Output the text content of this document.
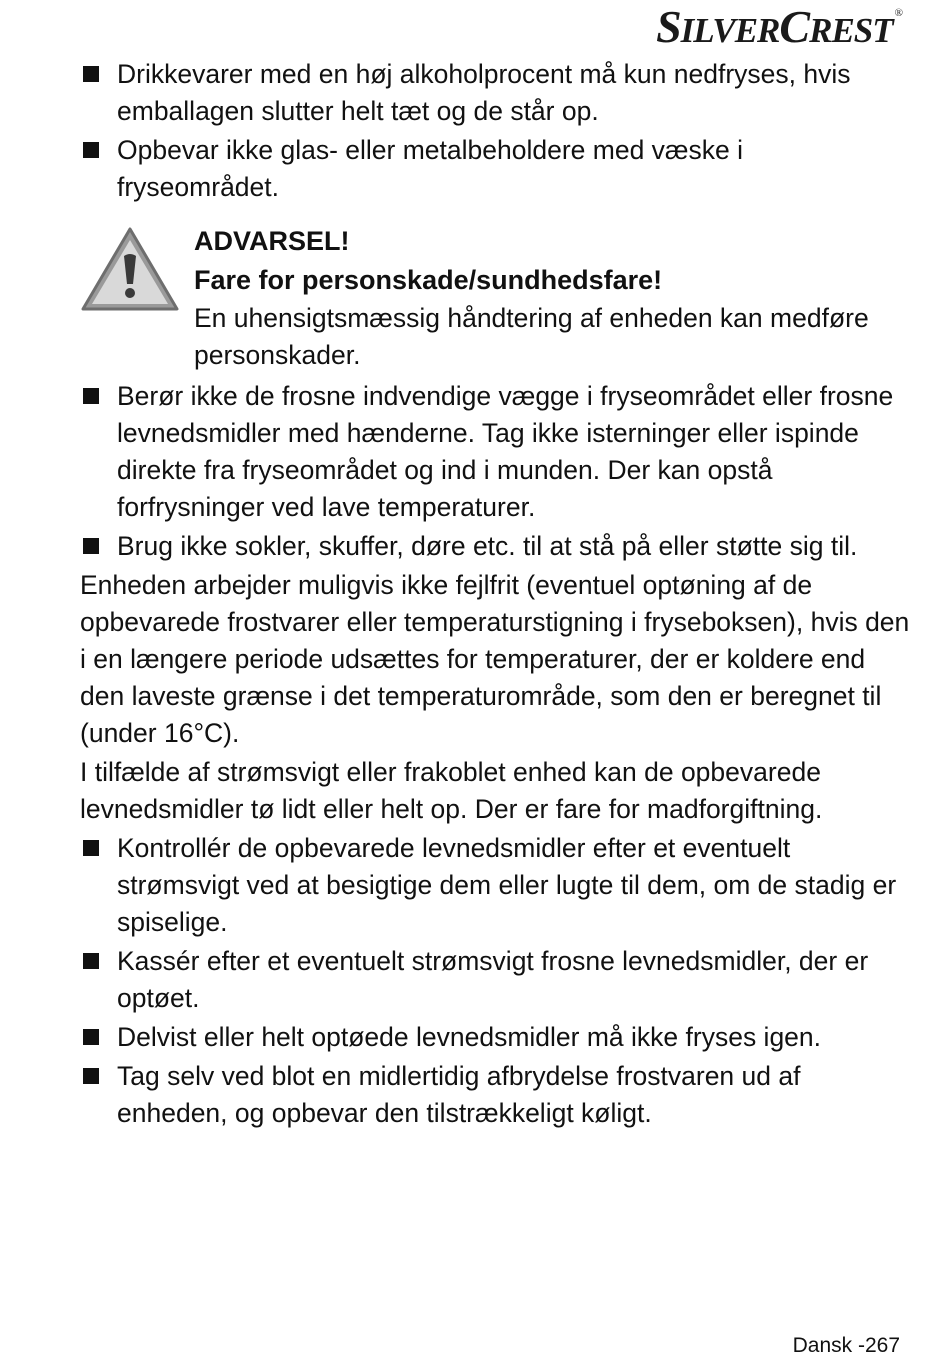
S ILVER C REST ®
Drikkevarer med en høj alkoholprocent må kun nedfryses, hvis emballagen slutter helt tæt og de står op.
Opbevar ikke glas- eller metalbeholdere med væske i fryseområdet.
ADVARSEL!
Fare for personskade/sundhedsfare!
En uhensigtsmæssig håndtering af enheden kan medføre personskader.
Berør ikke de frosne indvendige vægge i fryseområdet eller frosne levnedsmidler med hænderne. Tag ikke isterninger eller ispinde direkte fra fryseområdet og ind i munden. Der kan opstå forfrysninger ved lave temperaturer.
Brug ikke sokler, skuffer, døre etc. til at stå på eller støtte sig til.
Enheden arbejder muligvis ikke fejlfrit (eventuel optøning af de opbevarede frostvarer eller temperaturstigning i fryseboksen), hvis den i en længere periode udsættes for temperaturer, der er koldere end den laveste grænse i det temperaturområde, som den er beregnet til (under 16°C).
I tilfælde af strømsvigt eller frakoblet enhed kan de opbevarede levnedsmidler tø lidt eller helt op. Der er fare for madforgiftning.
Kontrollér de opbevarede levnedsmidler efter et eventuelt strømsvigt ved at besigtige dem eller lugte til dem, om de stadig er spiselige.
Kassér efter et eventuelt strømsvigt frosne levnedsmidler, der er optøet.
Delvist eller helt optøede levnedsmidler må ikke fryses igen.
Tag selv ved blot en midlertidig afbrydelse frostvaren ud af enheden, og opbevar den tilstrækkeligt køligt.
Dansk -267
